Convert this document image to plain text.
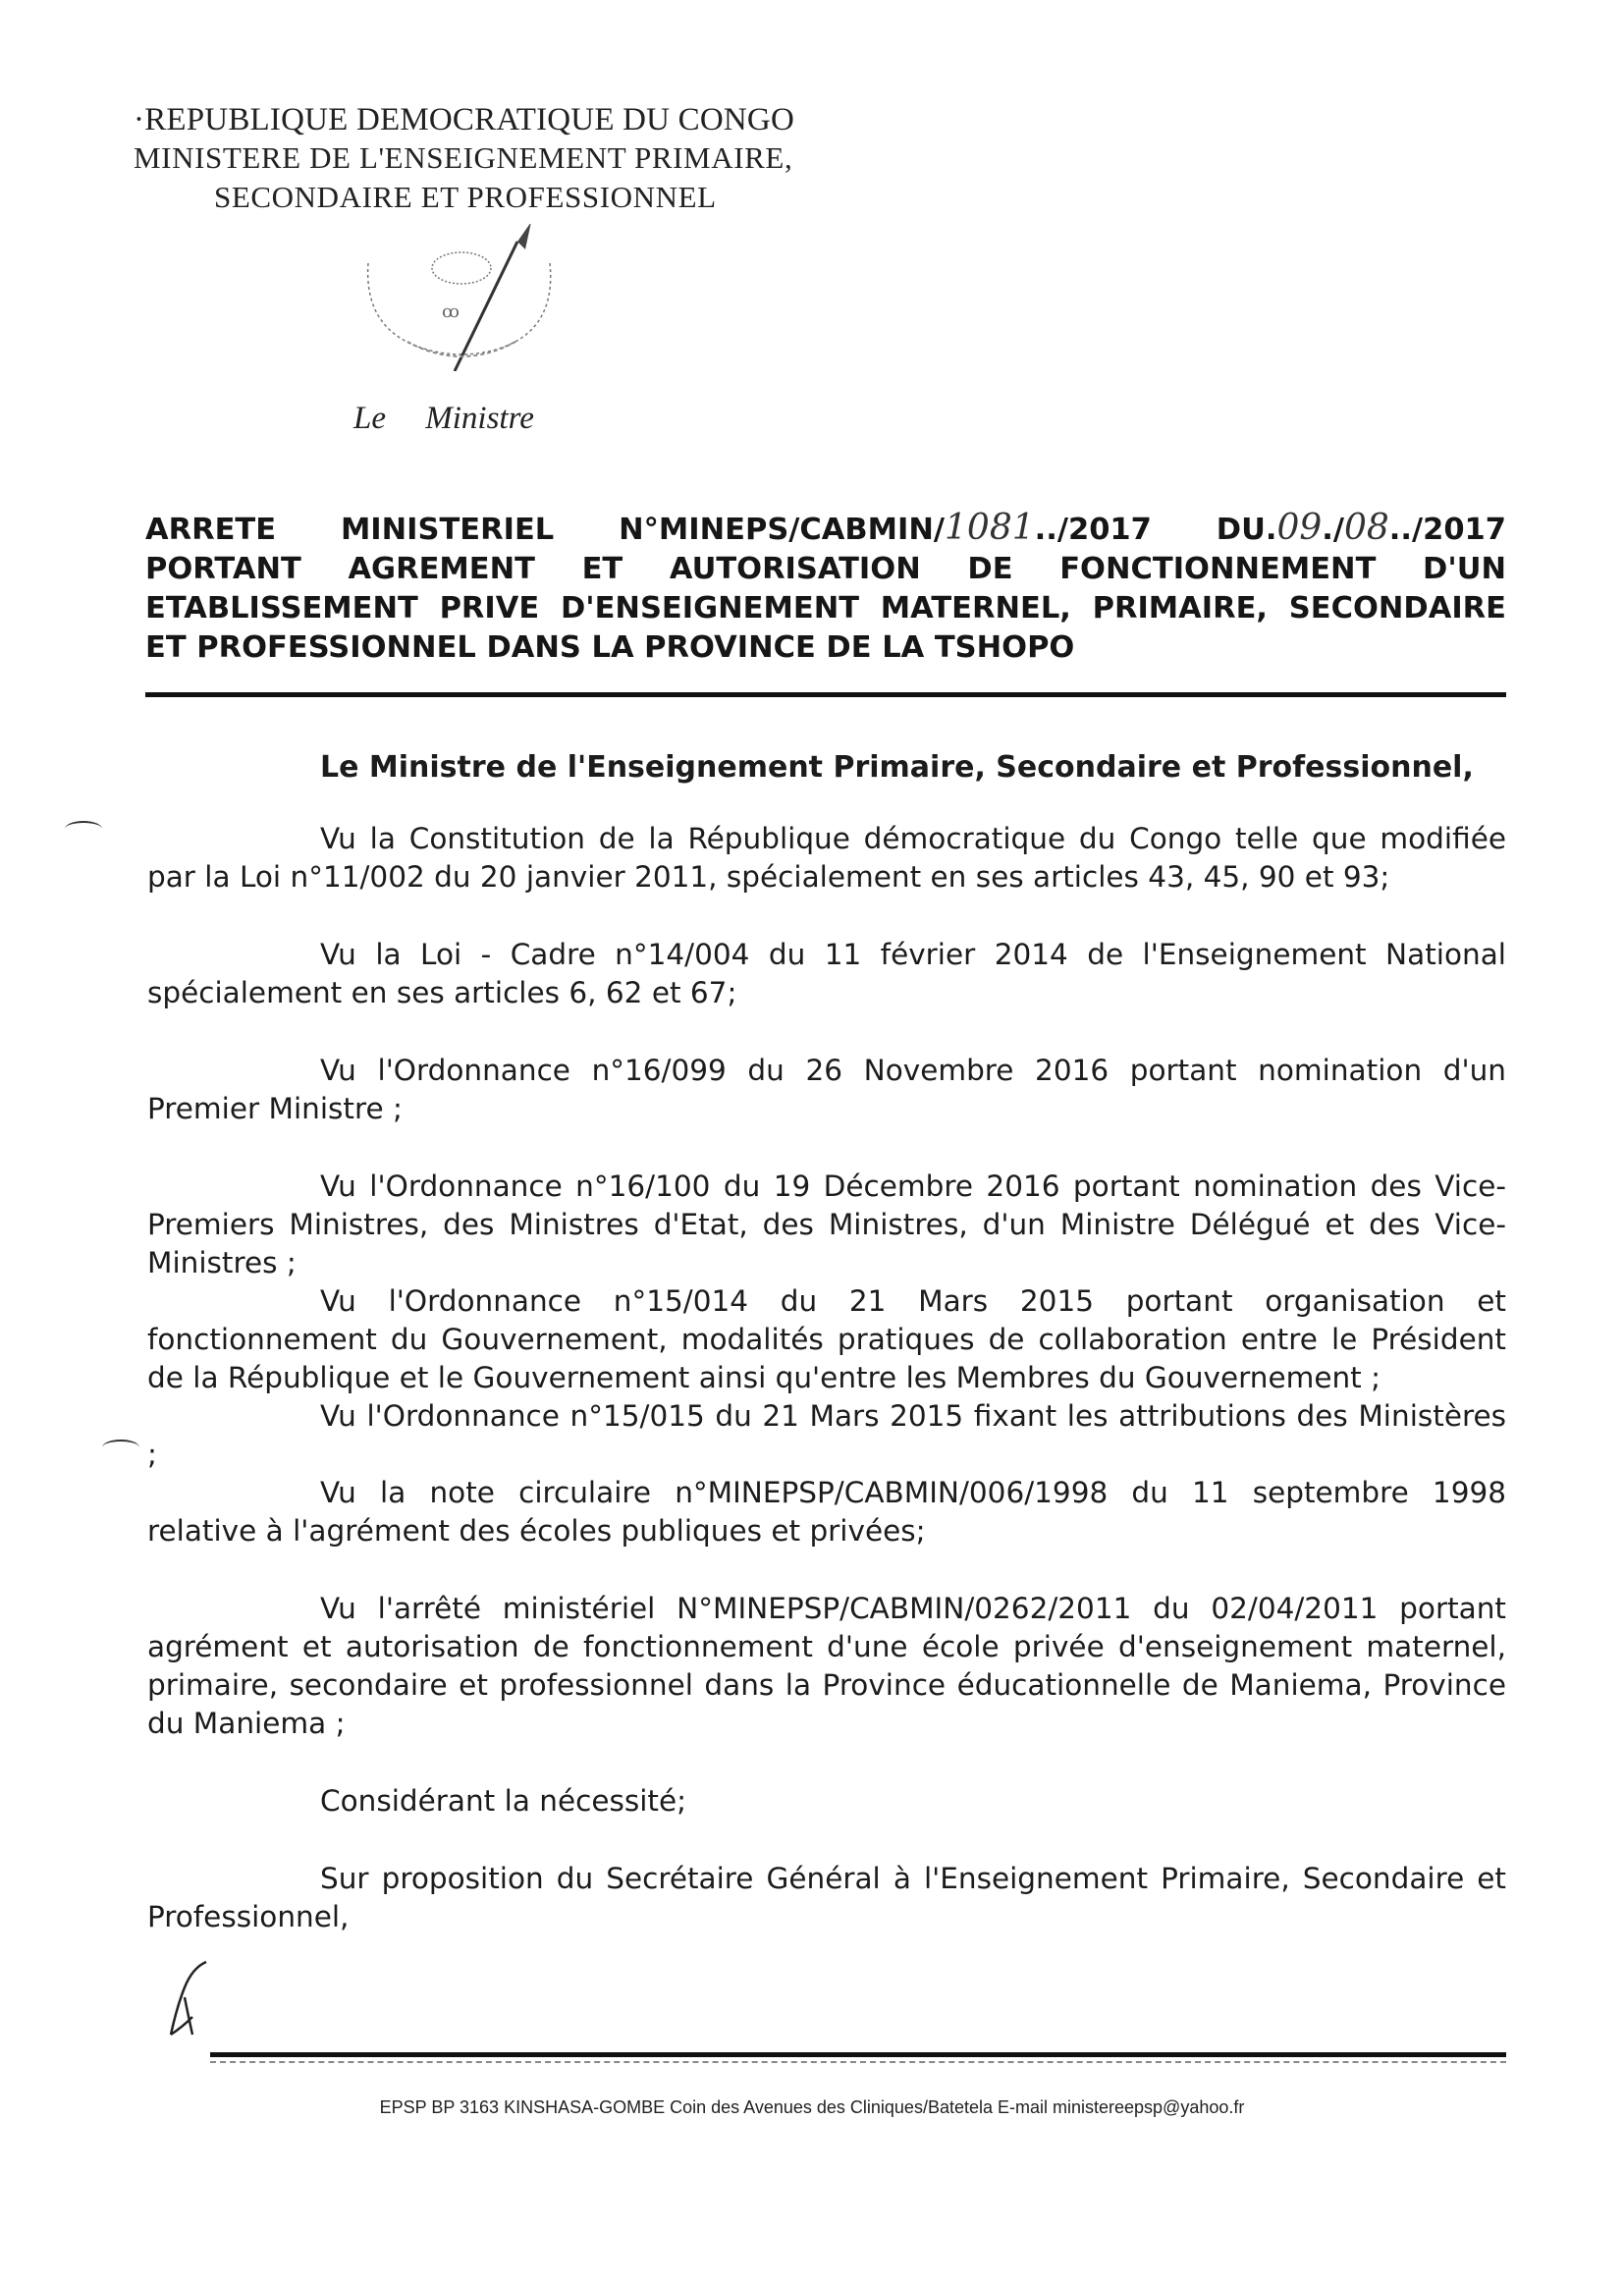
·REPUBLIQUE DEMOCRATIQUE DU CONGO
MINISTERE DE L'ENSEIGNEMENT PRIMAIRE,
SECONDAIRE ET PROFESSIONNEL
ꝏ
Le Ministre
ARRETE MINISTERIEL N°MINEPS/CABMIN/1081../2017 DU.09./08../2017
PORTANT AGREMENT ET AUTORISATION DE FONCTIONNEMENT D'UN
ETABLISSEMENT PRIVE D'ENSEIGNEMENT MATERNEL, PRIMAIRE, SECONDAIRE
ET PROFESSIONNEL DANS LA PROVINCE DE LA TSHOPO
Le Ministre de l'Enseignement Primaire, Secondaire et Professionnel,

Vu la Constitution de la République démocratique du Congo telle que modifiée par la Loi n°11/002 du 20 janvier 2011, spécialement en ses articles 43, 45, 90 et 93;

Vu la Loi - Cadre n°14/004 du 11 février 2014 de l'Enseignement National spécialement en ses articles 6, 62 et 67;

Vu l'Ordonnance n°16/099 du 26 Novembre 2016 portant nomination d'un Premier Ministre ;

Vu l'Ordonnance n°16/100 du 19 Décembre 2016 portant nomination des Vice-Premiers Ministres, des Ministres d'Etat, des Ministres, d'un Ministre Délégué et des Vice-Ministres ;

Vu l'Ordonnance n°15/014 du 21 Mars 2015 portant organisation et fonctionnement du Gouvernement, modalités pratiques de collaboration entre le Président de la République et le Gouvernement ainsi qu'entre les Membres du Gouvernement ;

Vu l'Ordonnance n°15/015 du 21 Mars 2015 fixant les attributions des Ministères ;

Vu la note circulaire n°MINEPSP/CABMIN/006/1998 du 11 septembre 1998 relative à l'agrément des écoles publiques et privées;

Vu l'arrêté ministériel N°MINEPSP/CABMIN/0262/2011 du 02/04/2011 portant agrément et autorisation de fonctionnement d'une école privée d'enseignement maternel, primaire, secondaire et professionnel dans la Province éducationnelle de Maniema, Province du Maniema ;

Considérant la nécessité;

Sur proposition du Secrétaire Général à l'Enseignement Primaire, Secondaire et Professionnel,

EPSP BP 3163 KINSHASA-GOMBE Coin des Avenues des Cliniques/Batetela E-mail ministereepsp@yahoo.fr
